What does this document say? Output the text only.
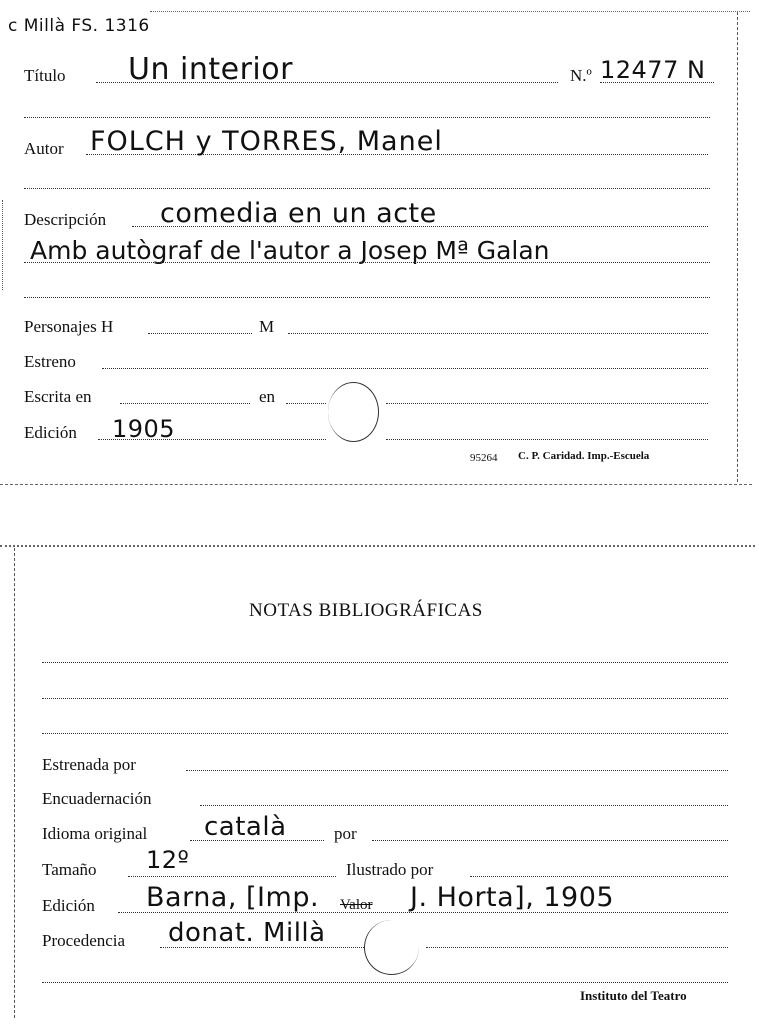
c Millà FS. 1316
Título Un interior	N.º 12477 N
Autor FOLCH y TORRES, Manel
Descripción comedia en un acte
Amb autògraf de l'autor a Josep Mª Galan
Personajes H	M
Estreno
Escrita en	en
Edición 1905
95264 C. P. Caridad. Imp.-Escuela
NOTAS BIBLIOGRÁFICAS
Estrenada por
Encuadernación
Idioma original català	por
Tamaño 12º	Ilustrado por
Edición Barna, [Imp. Valor J. Horta], 1905
Procedencia donat. Millà
Instituto del Teatro
